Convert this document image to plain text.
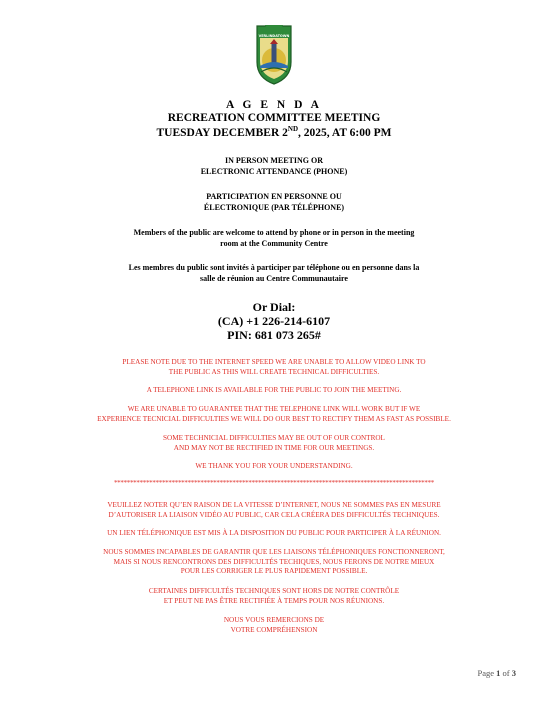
VERLINDATOWN
A G E N D A
RECREATION COMMITTEE MEETING
TUESDAY DECEMBER 2ND, 2025, AT 6:00 PM
IN PERSON MEETING OR
ELECTRONIC ATTENDANCE (PHONE)
PARTICIPATION EN PERSONNE OU
ÉLECTRONIQUE (PAR TÉLÉPHONE)
Members of the public are welcome to attend by phone or in person in the meeting
room at the Community Centre
Les membres du public sont invités à participer par téléphone ou en personne dans la
salle de réunion au Centre Communautaire
Or Dial:
(CA) +1 226-214-6107
PIN: 681 073 265#
PLEASE NOTE DUE TO THE INTERNET SPEED WE ARE UNABLE TO ALLOW VIDEO LINK TO
THE PUBLIC AS THIS WILL CREATE TECHNICAL DIFFICULTIES.
A TELEPHONE LINK IS AVAILABLE FOR THE PUBLIC TO JOIN THE MEETING.
WE ARE UNABLE TO GUARANTEE THAT THE TELEPHONE LINK WILL WORK BUT IF WE
EXPERIENCE TECNICIAL DIFFICULTIES WE WILL DO OUR BEST TO RECTIFY THEM AS FAST AS POSSIBLE.
SOME TECHNICIAL DIFFICULTIES MAY BE OUT OF OUR CONTROL
AND MAY NOT BE RECTIFIED IN TIME FOR OUR MEETINGS.
WE THANK YOU FOR YOUR UNDERSTANDING.
****************************************************************************************************
VEUILLEZ NOTER QU’EN RAISON DE LA VITESSE D’INTERNET, NOUS NE SOMMES PAS EN MESURE
D’AUTORISER LA LIAISON VIDÉO AU PUBLIC, CAR CELA CRÉERA DES DIFFICULTÉS TECHNIQUES.
UN LIEN TÉLÉPHONIQUE EST MIS À LA DISPOSITION DU PUBLIC POUR PARTICIPER À LA RÉUNION.
NOUS SOMMES INCAPABLES DE GARANTIR QUE LES LIAISONS TÉLÉPHONIQUES FONCTIONNERONT,
MAIS SI NOUS RENCONTRONS DES DIFFICULTÉS TECHIQUES, NOUS FERONS DE NOTRE MIEUX
POUR LES CORRIGER LE PLUS RAPIDEMENT POSSIBLE.
CERTAINES DIFFICULTÉS TECHNIQUES SONT HORS DE NOTRE CONTRÔLE
ET PEUT NE PAS ÊTRE RECTIFIÉE À TEMPS POUR NOS RÉUNIONS.
NOUS VOUS REMERCIONS DE
VOTRE COMPRÉHENSION
Page 1 of 3
